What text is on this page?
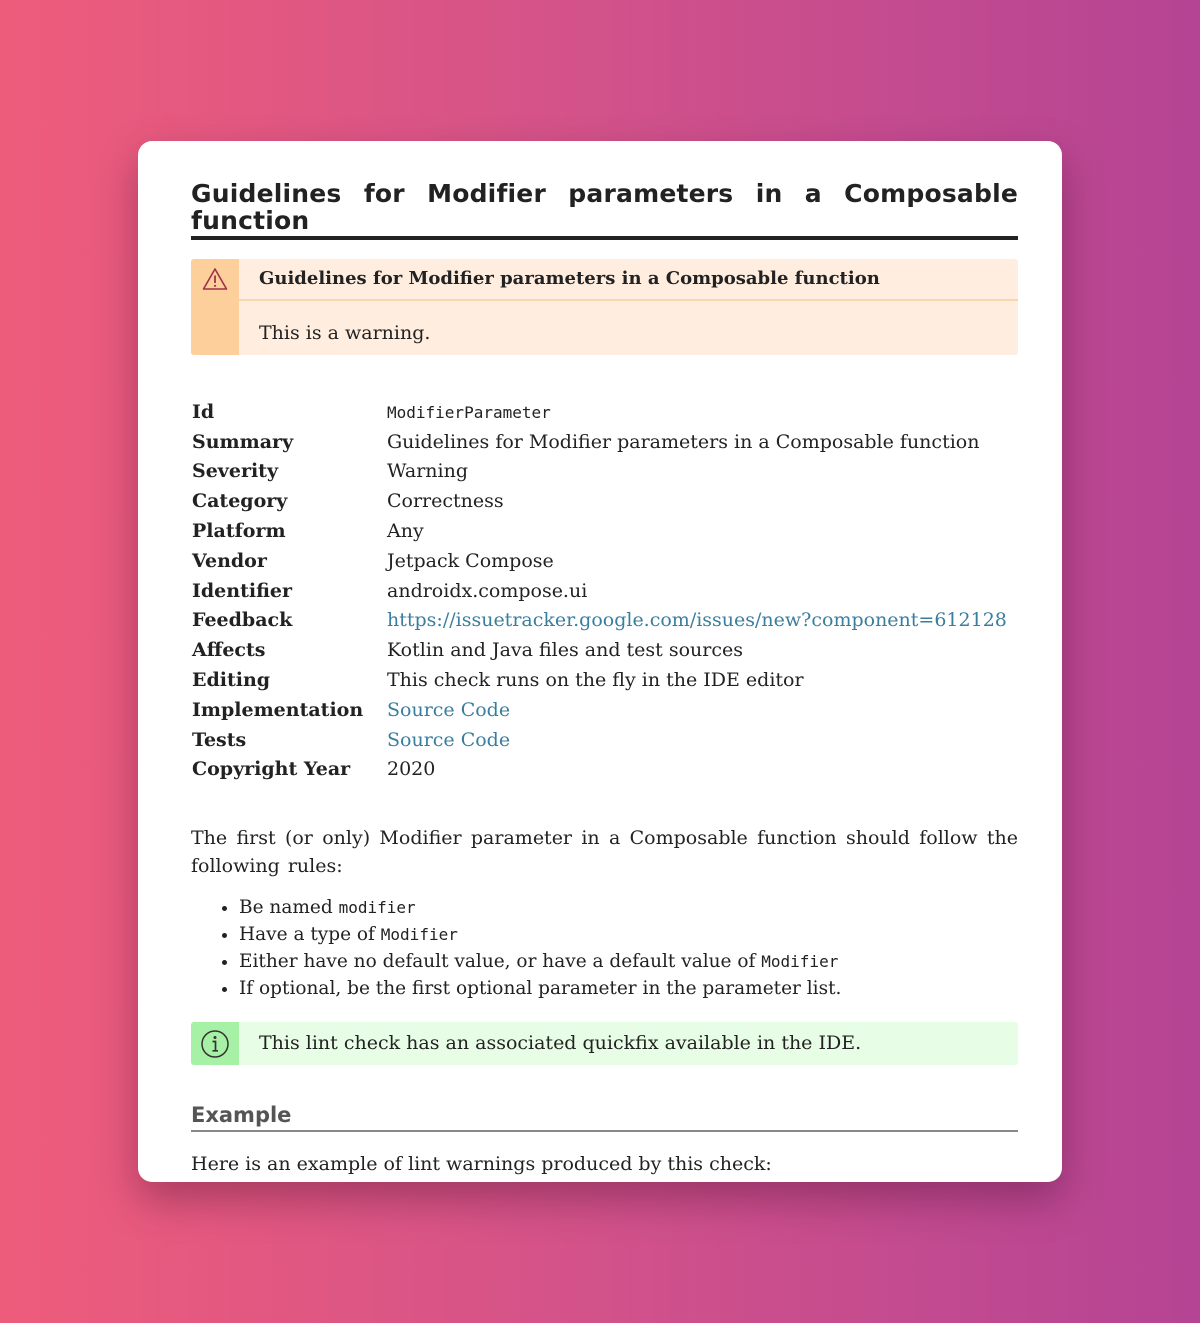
Guidelines for Modifier parameters in a Composable function
Guidelines for Modifier parameters in a Composable function
This is a warning.
Id	ModifierParameter
Summary	Guidelines for Modifier parameters in a Composable function
Severity	Warning
Category	Correctness
Platform	Any
Vendor	Jetpack Compose
Identifier	androidx.compose.ui
Feedback	https://issuetracker.google.com/issues/new?component=612128
Affects	Kotlin and Java files and test sources
Editing	This check runs on the fly in the IDE editor
Implementation	Source Code
Tests	Source Code
Copyright Year	2020

The first (or only) Modifier parameter in a Composable function should follow the following rules:

• Be named modifier
• Have a type of Modifier
• Either have no default value, or have a default value of Modifier
• If optional, be the first optional parameter in the parameter list.
This lint check has an associated quickfix available in the IDE.
Example

Here is an example of lint warnings produced by this check:
